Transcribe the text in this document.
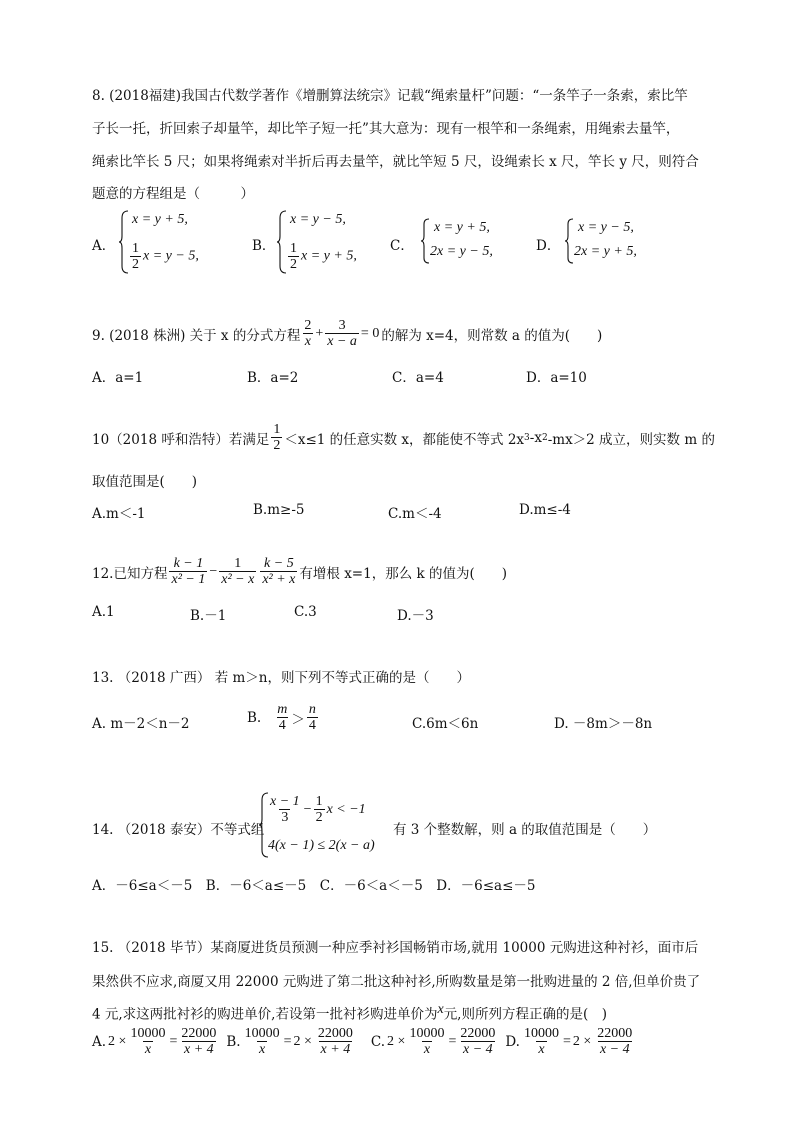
8. (2018福建)我国古代数学著作《增删算法统宗》记载“绳索量杆”问题：“一条竿子一条索，索比竿
子长一托，折回索子却量竿，却比竿子短一托”其大意为：现有一根竿和一条绳索，用绳索去量竿，
绳索比竿长 5 尺；如果将绳索对半折后再去量竿，就比竿短 5 尺，设绳索长 x 尺，竿长 y 尺，则符合
题意的方程组是（　　　）
A．
x = y + 5,
$\frac{1}{2}$ x = y − 5,
B．
x = y − 5,
$\frac{1}{2}$ x = y + 5,
C．
x = y + 5,
2x = y − 5,	D．
x = y − 5,
2x = y + 5,
9. (2018 株洲) 关于 x 的分式方程 $\frac{2}{x} + \frac{3}{x - a} = 0$ 的解为 x=4，则常数 a 的值为(　　)
A．a=1	B．a=2	C．a=4	D．a=10
10（2018 呼和浩特）若满足 $\frac{1}{2} <x\le 1$ 的任意实数 x，都能使不等式 2x 3 -x 2 -mx＞2 成立，则实数 m 的
取值范围是(　　)
A.m＜-1	B.m≥-5	C.m＜-4	D.m≤-4
12.已知方程 $\frac{k - 1}{\text{x² − 1}} - \frac{1}{\text{x² − x}} \frac{k - 5}{\text{x² + x}}$ 有增根 x=1，那么 k 的值为(　　)
A.1	B.－1	C.3	D.－3
13. （2018 广西） 若 m＞n，则下列不等式正确的是（　　）
A. m－2＜n－2	B. $\frac{m}{4} > \frac{n}{4}$	C.6m＜6n	D. －8m＞－8n
14. （2018 泰安）不等式组
$\frac{x - 1}{3} - \frac{1}{2}$ x < −1
4(x − 1) ≤ 2(x − a)
有 3 个整数解，则 a 的取值范围是（　　）
A．－6≤a＜－5　B．－6＜a≤－5　C．－6＜a＜－5　D．－6≤a≤－5
15. （2018 毕节）某商厦进货员预测一种应季衬衫国畅销市场,就用 10000 元购进这种衬衫，面市后
果然供不应求,商厦又用 22000 元购进了第二批这种衬衫,所购数量是第一批购进量的 2 倍,但单价贵了
4 元,求这两批衬衫的购进单价,若设第一批衬衫购进单价为$^x$元,则所列方程正确的是(　)
A. $2 \times \frac{10000}{x} = \frac{22000}{x + 4} B$. $\frac{10000}{x} = 2 \times \frac{22000}{x + 4} C$. $2 \times \frac{10000}{x} = \frac{22000}{x - 4} D$. $\frac{10000}{x} = 2 \times \frac{22000}{x - 4}$
